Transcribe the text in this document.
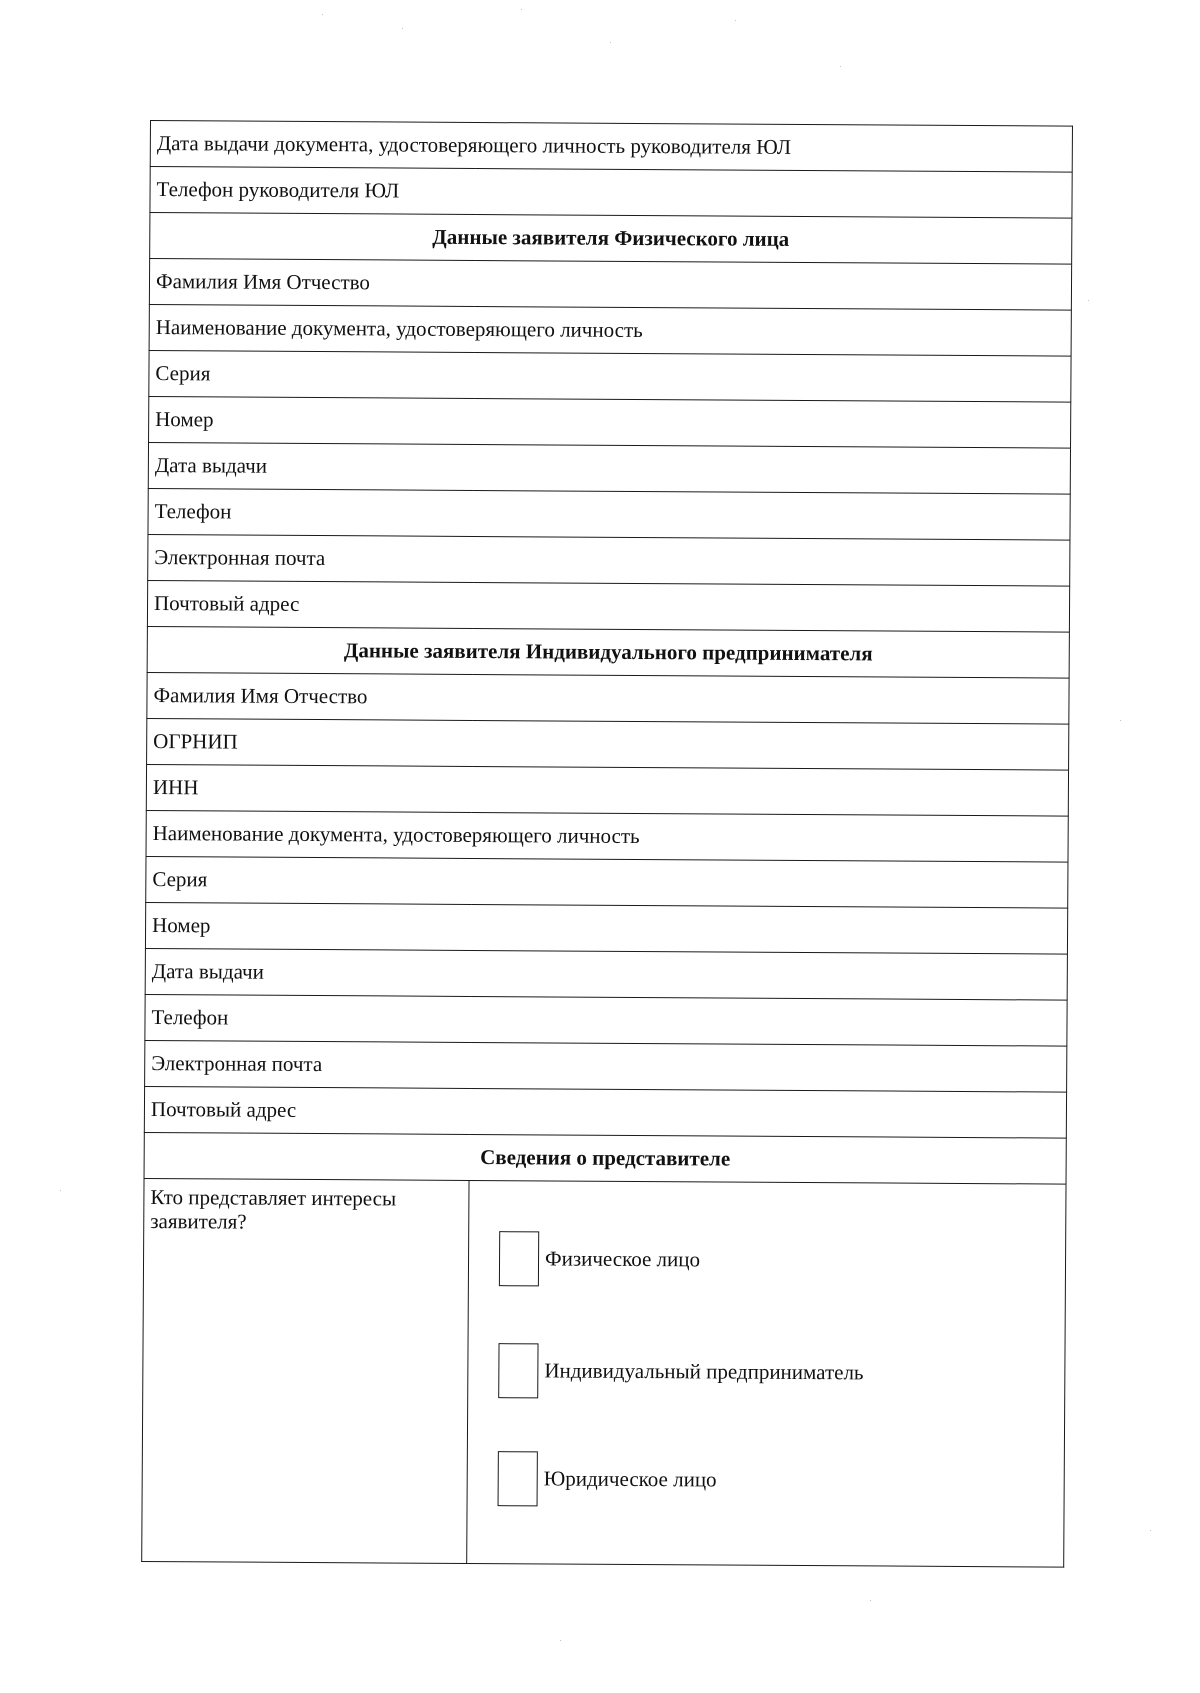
Дата выдачи документа, удостоверяющего личность руководителя ЮЛ
Телефон руководителя ЮЛ
Данные заявителя Физического лица
Фамилия Имя Отчество
Наименование документа, удостоверяющего личность
Серия
Номер
Дата выдачи
Телефон
Электронная почта
Почтовый адрес
Данные заявителя Индивидуального предпринимателя
Фамилия Имя Отчество
ОГРНИП
ИНН
Наименование документа, удостоверяющего личность
Серия
Номер
Дата выдачи
Телефон
Электронная почта
Почтовый адрес
Сведения о представителе
Кто представляет интересы заявителя?	
Физическое лицо
Индивидуальный предприниматель
Юридическое лицо
